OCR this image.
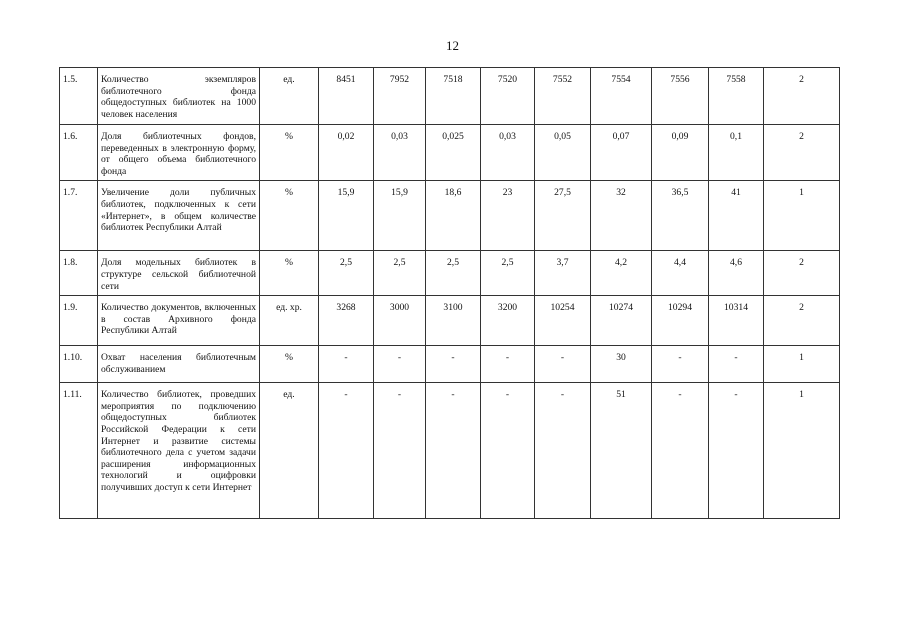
12
1.5.	Количество экземпляров библиотечного фонда общедоступных библиотек на 1000 человек населения	ед.	8451	7952	7518	7520	7552	7554	7556	7558	2
1.6.	Доля библиотечных фондов, переведенных в электронную форму, от общего объема библиотечного фонда	%	0,02	0,03	0,025	0,03	0,05	0,07	0,09	0,1	2
1.7.	Увеличение доли публичных библиотек, подключенных к сети «Интернет», в общем количестве библиотек Республики Алтай	%	15,9	15,9	18,6	23	27,5	32	36,5	41	1
1.8.	Доля модельных библиотек в структуре сельской библиотечной сети	%	2,5	2,5	2,5	2,5	3,7	4,2	4,4	4,6	2
1.9.	Количество документов, включенных в состав Архивного фонда Республики Алтай	ед. хр.	3268	3000	3100	3200	10254	10274	10294	10314	2
1.10.	Охват населения библиотечным обслуживанием	%	-	-	-	-	-	30	-	-	1
1.11.	Количество библиотек, проведших мероприятия по подключению общедоступных библиотек Российской Федерации к сети Интернет и развитие системы библиотечного дела с учетом задачи расширения информационных технологий и оцифровки получивших доступ к сети Интернет	ед.	-	-	-	-	-	51	-	-	1
